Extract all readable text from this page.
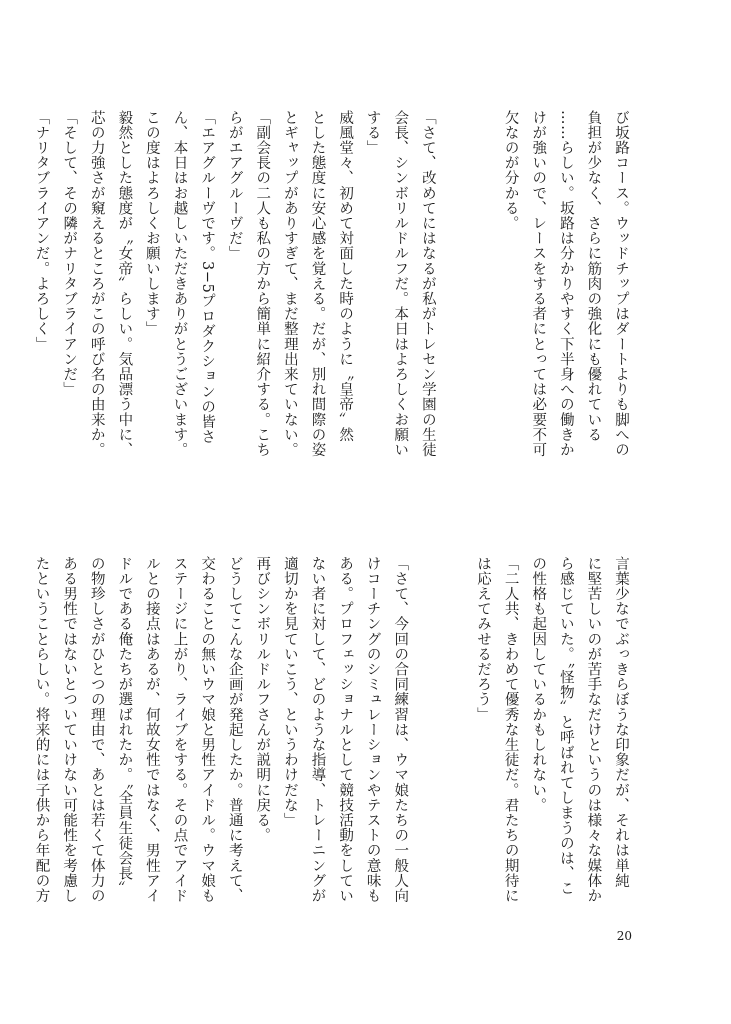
び坂路コース。ウッドチップはダートよりも脚への
負担が少なく、さらに筋肉の強化にも優れている
……らしい。坂路は分かりやすく下半身への働きか
けが強いので、レースをする者にとっては必要不可
欠なのが分かる。

「さて、改めてにはなるが私がトレセン学園の生徒
会長、シンボリルドルフだ。本日はよろしくお願い
する」
威風堂々、初めて対面した時のように〝皇帝〟然
とした態度に安心感を覚える。だが、別れ間際の姿
とギャップがありすぎて、まだ整理出来ていない。
「副会長の二人も私の方から簡単に紹介する。こち
らがエアグルーヴだ」
「エアグルーヴです。3−5プロダクションの皆さ
ん、本日はお越しいただきありがとうございます。
この度はよろしくお願いします」
毅然とした態度が〝女帝〟らしい。気品漂う中に、
芯の力強さが窺えるところがこの呼び名の由来か。
「そして、その隣がナリタブライアンだ」
「ナリタブライアンだ。よろしく」
言葉少なでぶっきらぼうな印象だが、それは単純
に堅苦しいのが苦手なだけというのは様々な媒体か
ら感じていた。〝怪物〟と呼ばれてしまうのは、こ
の性格も起因しているかもしれない。
「二人共、きわめて優秀な生徒だ。君たちの期待に
は応えてみせるだろう」

「さて、今回の合同練習は、ウマ娘たちの一般人向
けコーチングのシミュレーションやテストの意味も
ある。プロフェッショナルとして競技活動をしてい
ない者に対して、どのような指導、トレーニングが
適切かを見ていこう、というわけだな」
再びシンボリルドルフさんが説明に戻る。
どうしてこんな企画が発起したか。普通に考えて、
交わることの無いウマ娘と男性アイドル。ウマ娘も
ステージに上がり、ライブをする。その点でアイド
ルとの接点はあるが、何故女性ではなく、男性アイ
ドルである俺たちが選ばれたか。〝全員生徒会長〟
の物珍しさがひとつの理由で、あとは若くて体力の
ある男性ではないとついていけない可能性を考慮し
たということらしい。将来的には子供から年配の方
20
